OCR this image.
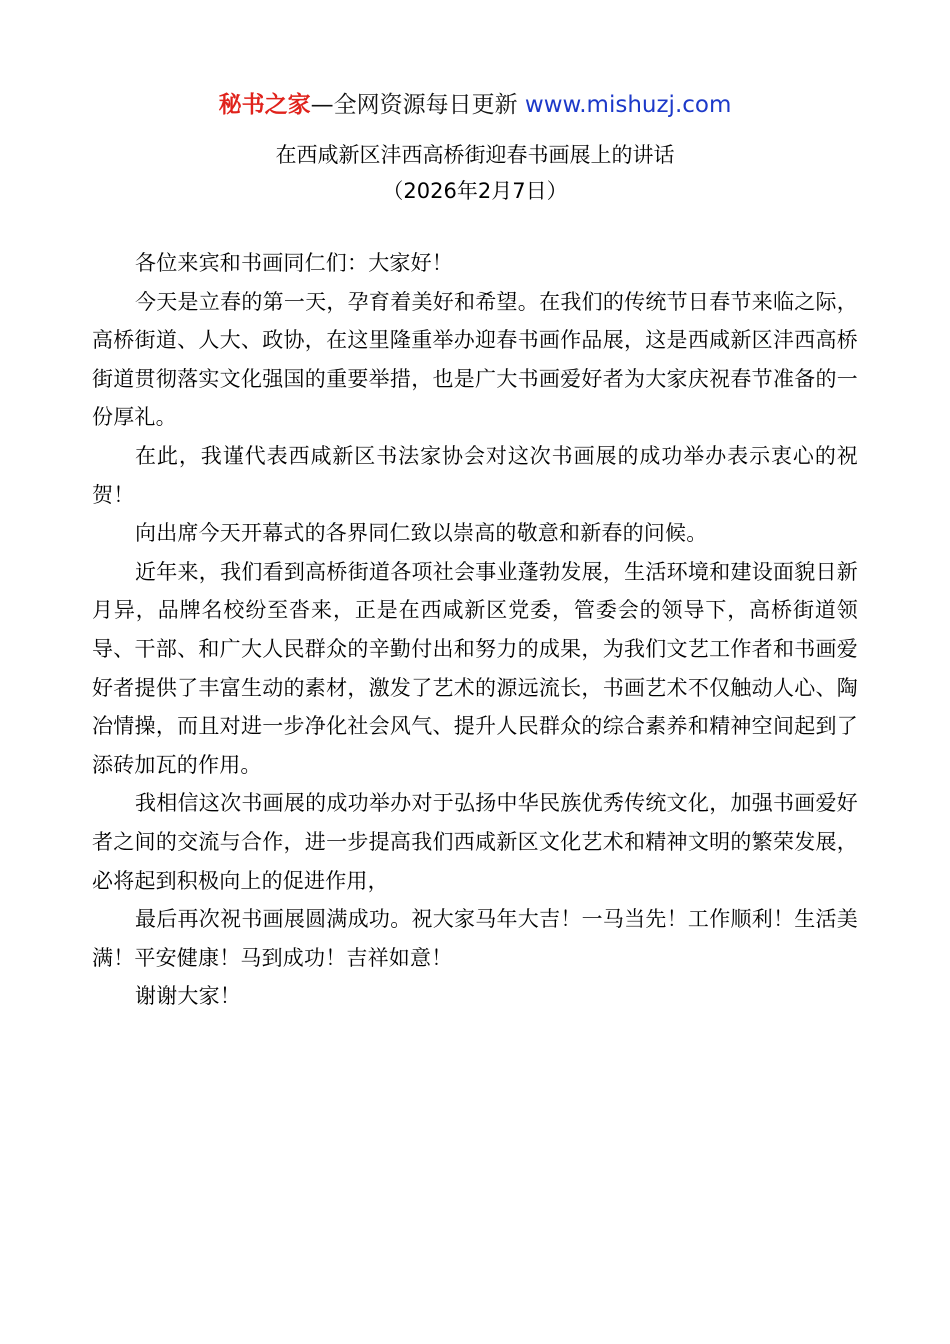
秘书之家—全网资源每日更新 www.mishuzj.com
在西咸新区沣西高桥街迎春书画展上的讲话
（2026年2月7日）

各位来宾和书画同仁们：大家好！

今天是立春的第一天，孕育着美好和希望。在我们的传统节日春节来临之际，高桥街道、人大、政协，在这里隆重举办迎春书画作品展，这是西咸新区沣西高桥街道贯彻落实文化强国的重要举措，也是广大书画爱好者为大家庆祝春节准备的一份厚礼。

在此，我谨代表西咸新区书法家协会对这次书画展的成功举办表示衷心的祝贺！

向出席今天开幕式的各界同仁致以崇高的敬意和新春的问候。

近年来，我们看到高桥街道各项社会事业蓬勃发展，生活环境和建设面貌日新月异，品牌名校纷至沓来，正是在西咸新区党委，管委会的领导下，高桥街道领导、干部、和广大人民群众的辛勤付出和努力的成果，为我们文艺工作者和书画爱好者提供了丰富生动的素材，激发了艺术的源远流长，书画艺术不仅触动人心、陶冶情操，而且对进一步净化社会风气、提升人民群众的综合素养和精神空间起到了添砖加瓦的作用。

我相信这次书画展的成功举办对于弘扬中华民族优秀传统文化，加强书画爱好者之间的交流与合作，进一步提高我们西咸新区文化艺术和精神文明的繁荣发展，必将起到积极向上的促进作用，

最后再次祝书画展圆满成功。祝大家马年大吉！一马当先！工作顺利！生活美满！平安健康！马到成功！吉祥如意！

谢谢大家！
